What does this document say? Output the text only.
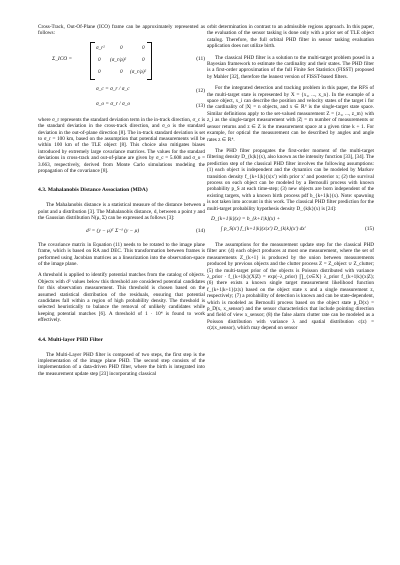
Cross-Track, Out-Of-Plane (ICO) frame can be approximately represented as follows:

Σ_ICO =
σ_r²	0	0
0 (σ_r/ρ)²	0
0	0 (σ_r/ρ)²
(11)
σ_c = σ_r / σ_c	(12)
σ_o = σ_r / σ_o	(13)

where σ_r represents the standard deviation term in the in-track direction, σ_c is the standard deviation in the cross-track direction, and σ_o is the standard deviation in the out-of-plane direction [8]. The in-track standard deviation is set to σ_r = 100 km, based on the assumption that potential measurements will be within 100 km of the TLE object [8]. This choice also mitigates biases introduced by extremely large covariance matrices. The values for the standard deviations in cross-track and out-of-plane are given by σ_c = 5.608 and σ_o = 3.663, respectively, derived from Monte Carlo simulations modeling the propagation of the covariance [8].

4.3. Mahalanobis Distance Association (MDA)

The Mahalanobis distance is a statistical measure of the distance between a point and a distribution [3]. The Mahalanobis distance, d, between a point y and the Gaussian distribution N(μ, Σ) can be expressed as follows [3]:

d² = (y − μ)ᵀ Σ⁻¹ (y − μ)	(14)

The covariance matrix in Equation (11) needs to be rotated to the image plane frame, which is based on RA and DEC. This transformation between frames is performed using Jacobian matrices as a linearization into the observation-space of the image plane.

A threshold is applied to identify potential matches from the catalog of objects. Objects with d² values below this threshold are considered potential candidates for this observation measurement. This threshold is chosen based on the assumed statistical distribution of the residuals, ensuring that potential candidates fall within a region of high probability density. The threshold is selected heuristically to balance the removal of unlikely candidates while keeping potential matches [6]. A threshold of 1 · 10⁴ is found to work effectively.

4.4. Multi-layer PHD Filter

The Multi-Layer PHD filter is composed of two steps, the first step is the implementation of the image plane PHD. The second step consists of the implementation of a data-driven PHD filter, where the birth is integrated into the measurement update step [23] incorporating classical

orbit determination in contrast to an admissible regions approach. In this paper, the evaluation of the sensor tasking is done only with a prior set of TLE object catalog. Therefore, the full orbital PHD filter in sensor tasking evaluation application does not utilize birth.

The classical PHD filter is a solution to the multi-target problem posed in a Bayesian framework to estimate the cardinality and their states. The PHD filter is a first-order approximation of the full Finite Set Statistics (FISST) proposed by Mahler [32], therefore the leanest version of FISST-based filters.

For the integrated detection and tracking problem in this paper, the RFS of the multi-target state is represented by X = {x₁, ..., x_n}. In the example of a space object, x_i can describe the position and velocity states of the target i for the cardinality of |X| = n objects, and x ∈ ℝ⁶ is the single-target state space. Similar definitions apply to the set-valued measurement Z = {z₁, ..., z_m} with z_i as the single-target measurement with |Z| = m number of measurements or sensor returns and z ∈ Z is the measurement space at a given time k + 1. For example, for optical the measurement can be described by angles and angle rates z ∈ ℝ⁴.

The PHD filter propagates the first-order moment of the multi-target filtering density D_{k|k}(x), also known as the intensity function [33], [34]. The prediction step of the classical PHD filter involves the following assumptions: (1) each object is independent and the dynamics can be modeled by Markov transition density f_{k+1|k}(x|x′) with prior x′ and posterior x; (2) the survival process on each object can be modeled by a Bernoulli process with known probability p_S at each time-step; (3) new objects are born independent of the existing targets, with a known birth process pdf b_{k+1|k}(x). Note: spawning is not taken into account in this work. The classical PHD filter prediction for the multi-target probability hypothesis density D_{k|k}(x) is [24]:

D_{k+1|k}(x) = b_{k+1|k}(x) +
∫ p_S(x′) f_{k+1|k}(x|x′) D_{k|k}(x′) dx′	(15)

The assumptions for the measurement update step for the classical PHD filter are: (4) each object produces at most one measurement, where the set of measurements Z_{k+1} is produced by the union between measurements produced by previous objects and the clutter process Z = Z_object ∪ Z_clutter; (5) the multi-target prior of the objects is Poisson distributed with variance λ_prior · f_{k+1|k}(X|Z) = exp(−λ_prior) ∏_{x∈X} λ_prior f_{k+1|k}(x|Z); (6) there exists a known single target measurement likelihood function f_{k+1|k+1}(z|x) based on the object state x and a single measurement z, respectively; (7) a probability of detection is known and can be state-dependent, which is modeled as Bernoulli process based on the object state p_D(x) = p_D(x, x_sensor) and the sensor characteristics that include pointing direction and field of view x_sensor; (8) the false alarm clutter rate can be modeled as a Poisson distribution with variance λ and spatial distribution c(z) = c(z|x_sensor), which may depend on sensor
